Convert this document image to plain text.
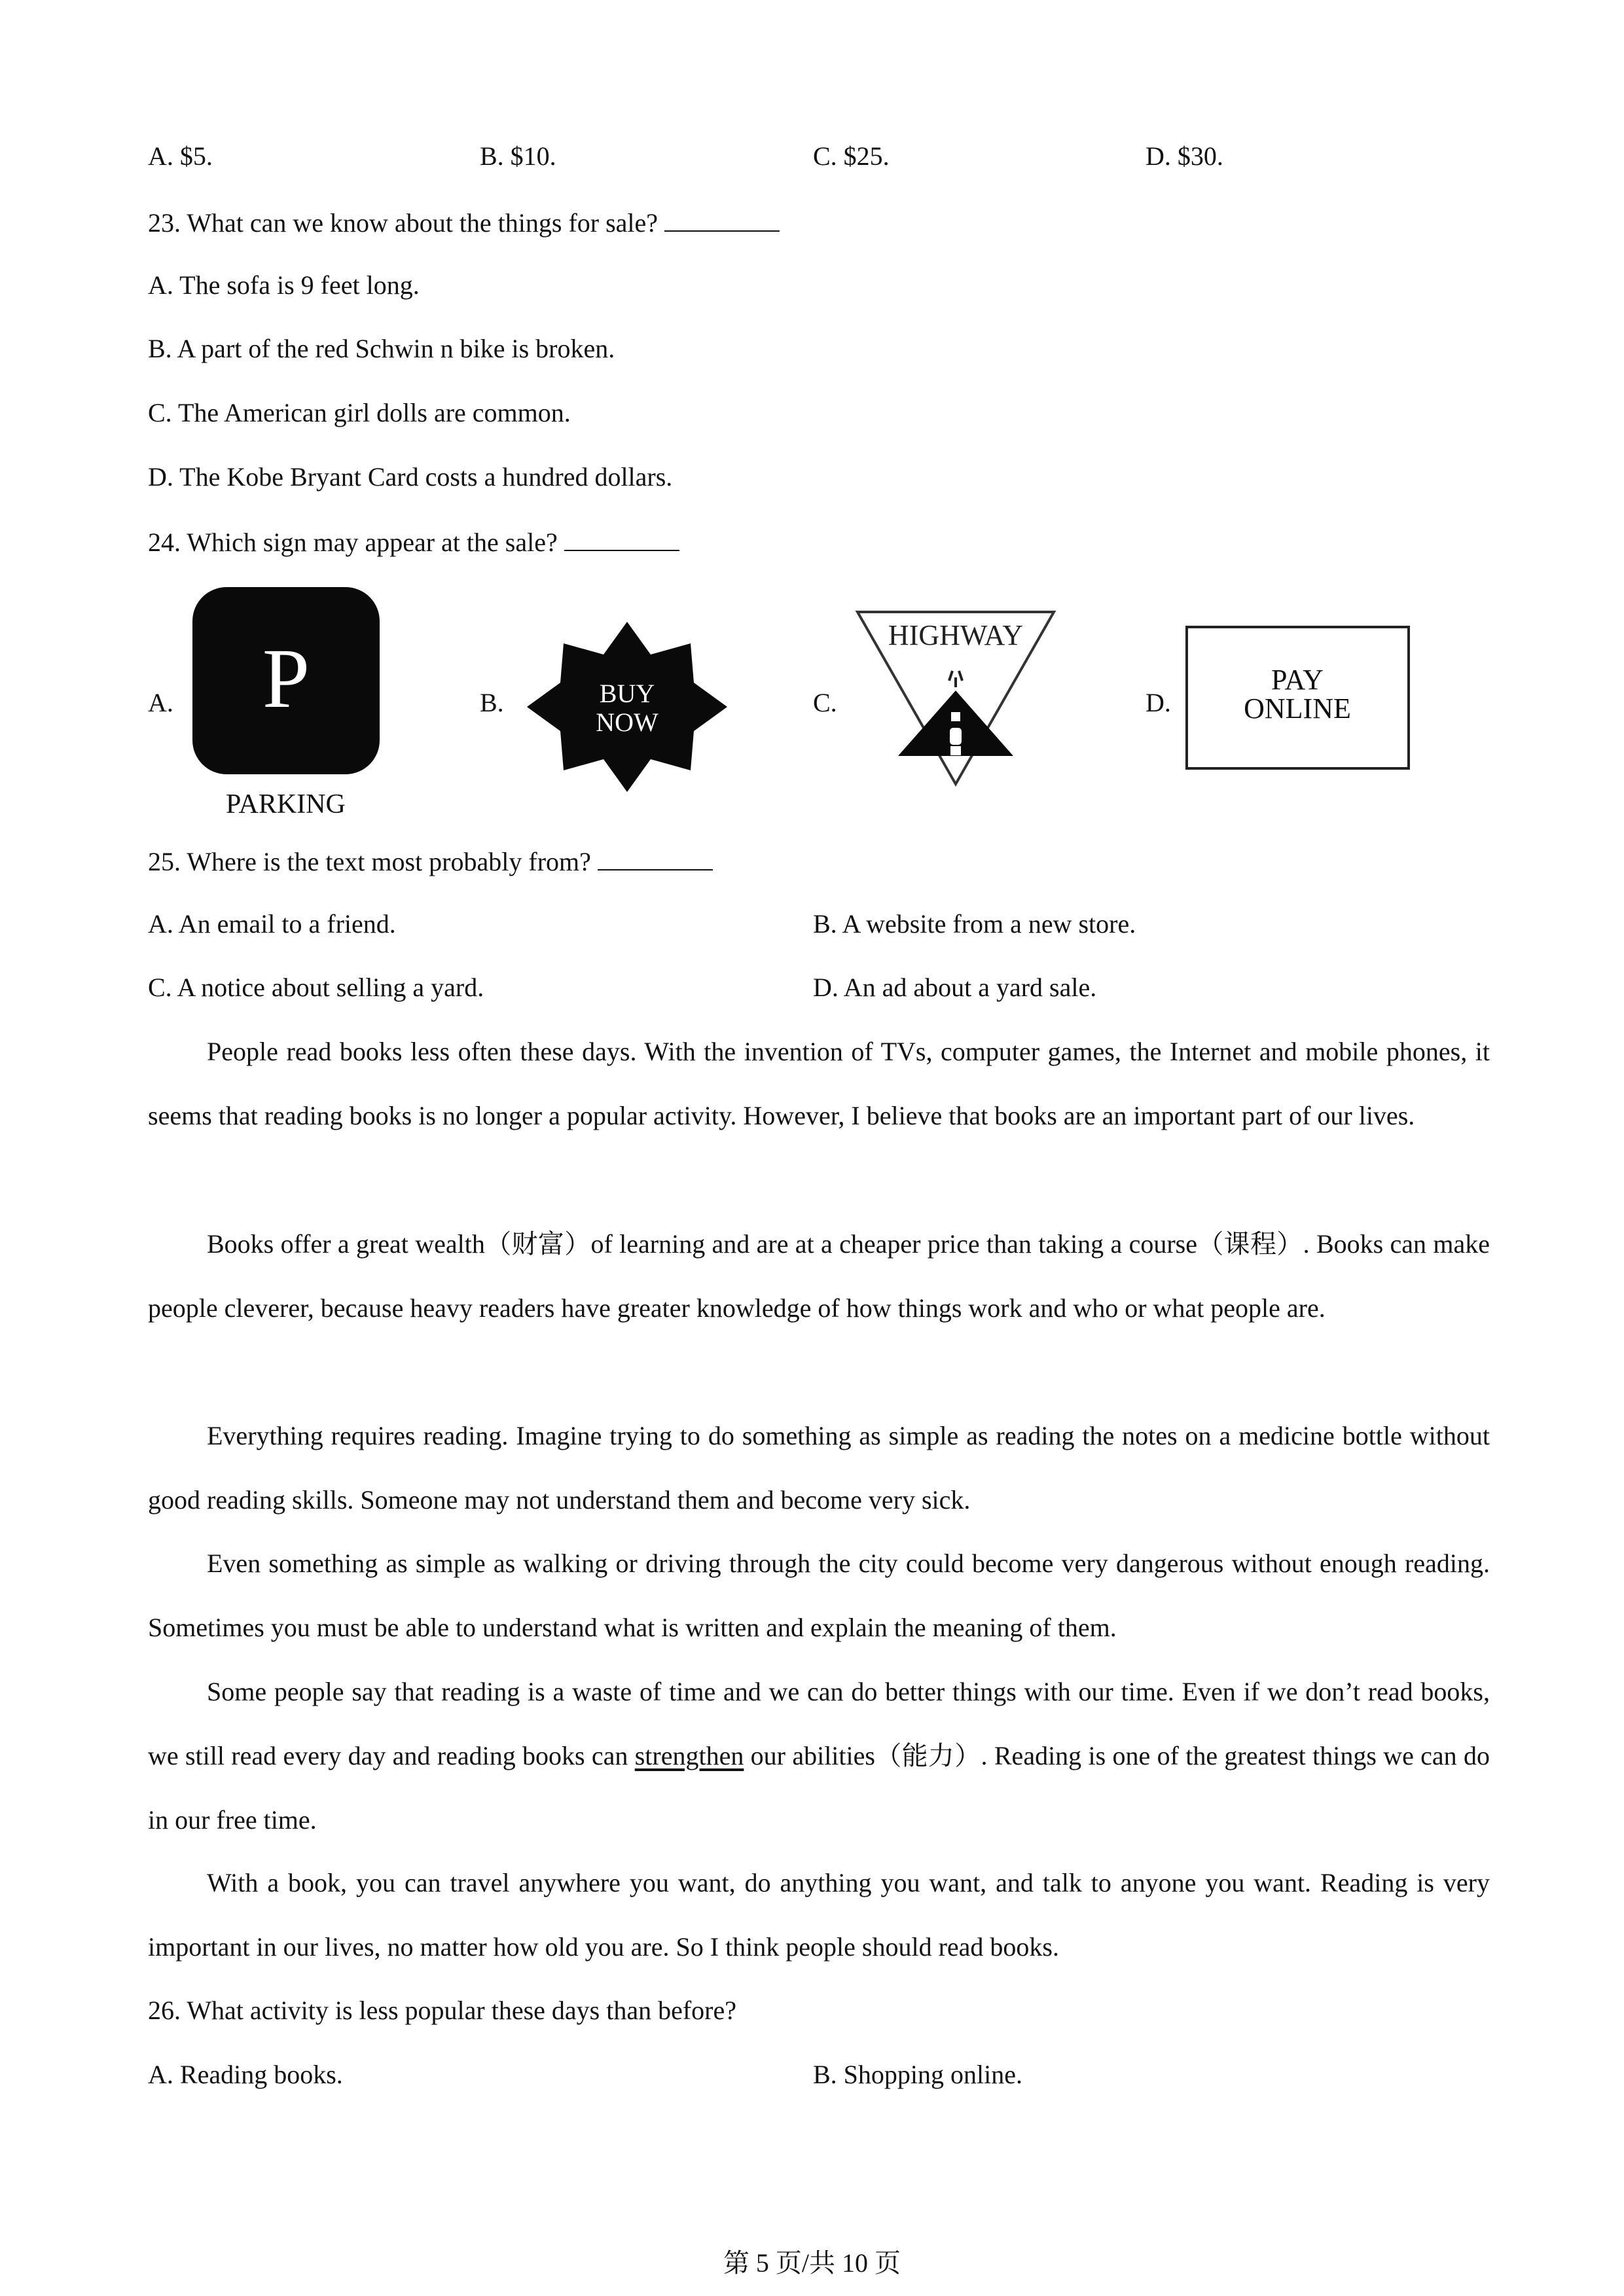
A. $5.	B. $10.	C. $25.	D. $30.
23. What can we know about the things for sale?
A. The sofa is 9 feet long.
B. A part of the red Schwin n bike is broken.
C. The American girl dolls are common.
D. The Kobe Bryant Card costs a hundred dollars.
24. Which sign may appear at the sale?
A.	B.	C.	D.
P
PARKING
BUY
NOW
HIGHWAY
PAY
ONLINE
25. Where is the text most probably from?
A. An email to a friend.	B. A website from a new store.
C. A notice about selling a yard.	D. An ad about a yard sale.
People read books less often these days. With the invention of TVs, computer games, the Internet and mobile phones, it seems that reading books is no longer a popular activity. However, I believe that books are an important part of our lives.
Books offer a great wealth（财富）of learning and are at a cheaper price than taking a course（课程）. Books can make people cleverer, because heavy readers have greater knowledge of how things work and who or what people are.
Everything requires reading. Imagine trying to do something as simple as reading the notes on a medicine bottle without good reading skills. Someone may not understand them and become very sick.
Even something as simple as walking or driving through the city could become very dangerous without enough reading. Sometimes you must be able to understand what is written and explain the meaning of them.
Some people say that reading is a waste of time and we can do better things with our time. Even if we don’t read books, we still read every day and reading books can strengthen our abilities（能力）. Reading is one of the greatest things we can do in our free time.
With a book, you can travel anywhere you want, do anything you want, and talk to anyone you want. Reading is very important in our lives, no matter how old you are. So I think people should read books.
26. What activity is less popular these days than before?
A. Reading books.	B. Shopping online.
第 5 页/共 10 页
